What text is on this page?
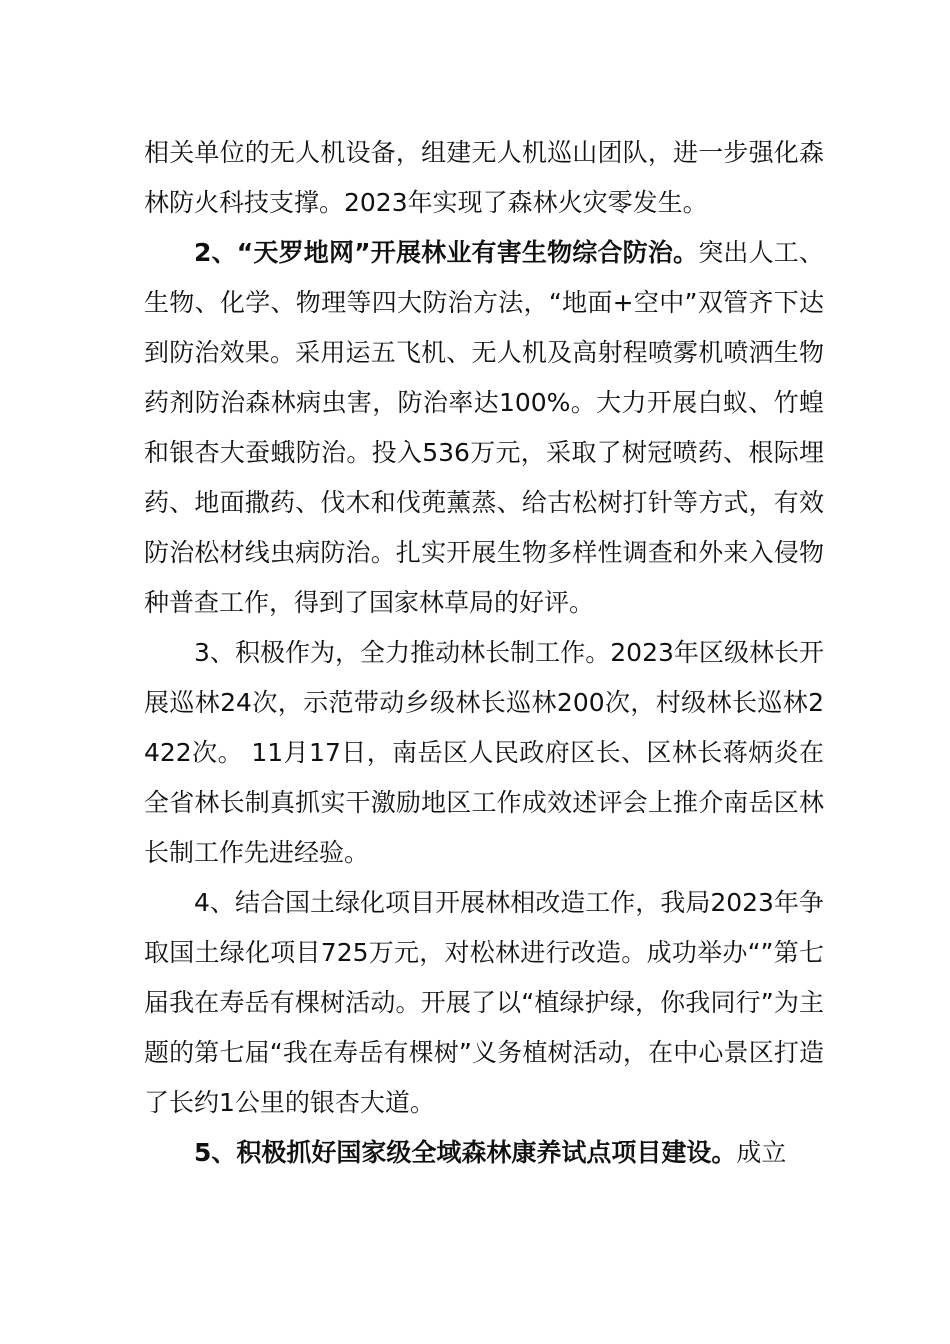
相关单位的无人机设备，组建无人机巡山团队，进一步强化森林防火科技支撑。2023年实现了森林火灾零发生。

2、“天罗地网”开展林业有害生物综合防治。突出人工、生物、化学、物理等四大防治方法，“地面+空中”双管齐下达到防治效果。采用运五飞机、无人机及高射程喷雾机喷洒生物药剂防治森林病虫害，防治率达100%。大力开展白蚁、竹蝗和银杏大蚕蛾防治。投入536万元，采取了树冠喷药、根际埋药、地面撒药、伐木和伐蔸薰蒸、给古松树打针等方式，有效防治松材线虫病防治。扎实开展生物多样性调查和外来入侵物种普查工作，得到了国家林草局的好评。

3、积极作为，全力推动林长制工作。2023年区级林长开展巡林24次，示范带动乡级林长巡林200次，村级林长巡林2422次。 11月17日，南岳区人民政府区长、区林长蒋炳炎在全省林长制真抓实干激励地区工作成效述评会上推介南岳区林长制工作先进经验。

4、结合国土绿化项目开展林相改造工作，我局2023年争取国土绿化项目725万元，对松林进行改造。成功举办“”第七届我在寿岳有棵树活动。开展了以“植绿护绿，你我同行”为主题的第七届“我在寿岳有棵树”义务植树活动，在中心景区打造了长约1公里的银杏大道。

5、积极抓好国家级全域森林康养试点项目建设。成立
